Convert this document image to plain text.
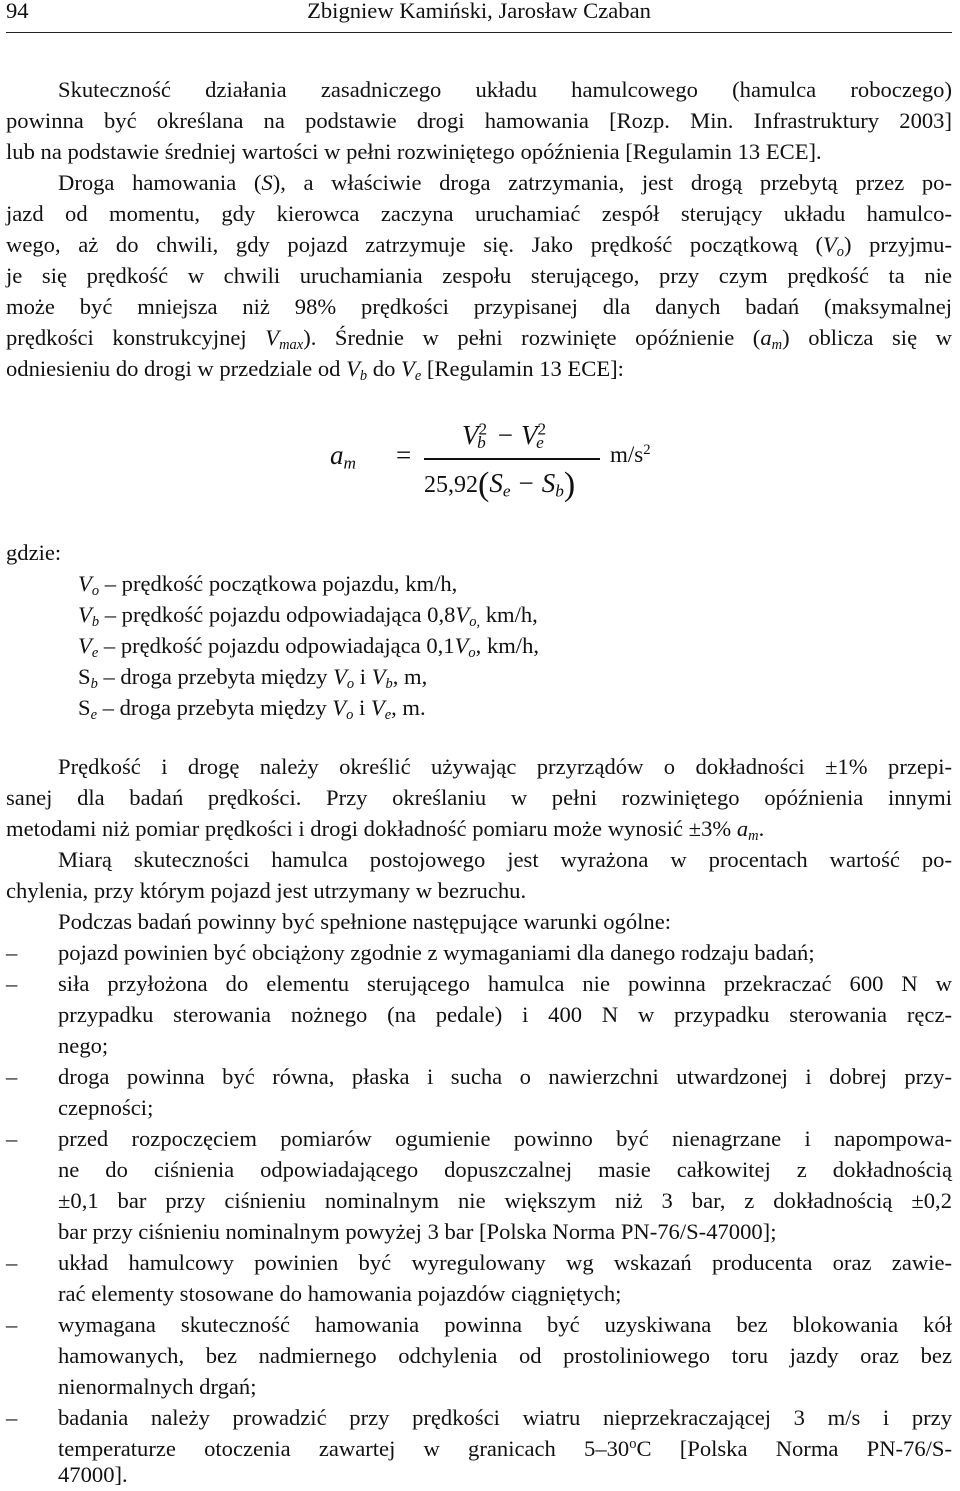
94	Zbigniew Kamiński, Jarosław Czaban
Skuteczność działania zasadniczego układu hamulcowego (hamulca roboczego)
powinna być określana na podstawie drogi hamowania [Rozp. Min. Infrastruktury 2003]
lub na podstawie średniej wartości w pełni rozwiniętego opóźnienia [Regulamin 13 ECE].
Droga hamowania (S), a właściwie droga zatrzymania, jest drogą przebytą przez po-
jazd od momentu, gdy kierowca zaczyna uruchamiać zespół sterujący układu hamulco-
wego, aż do chwili, gdy pojazd zatrzymuje się. Jako prędkość początkową $(V_o)$ przyjmu-
je się prędkość w chwili uruchamiania zespołu sterującego, przy czym prędkość ta nie
może być mniejsza niż 98% prędkości przypisanej dla danych badań (maksymalnej
prędkości konstrukcyjnej $V_{max}$). Średnie w pełni rozwinięte opóźnienie $(a_m)$ oblicza się w
odniesieniu do drogi w przedziale od $V_b$ do $V_e$ [Regulamin 13 ECE]:
$a_m$ =
$V^2_b - V^2_e$
$25,92(S_e - S_b)$
$m/s^2$
gdzie:
$V_o$ – prędkość początkowa pojazdu, km/h,
$V_b$ – prędkość pojazdu odpowiadająca $0,8V_{o,}$ km/h,
$V_e$ – prędkość pojazdu odpowiadająca $0,1V_o$, km/h,
$S_b$ – droga przebyta między $V_o$ i $V_b$, m,
$S_e$ – droga przebyta między $V_o$ i $V_e$, m.
Prędkość i drogę należy określić używając przyrządów o dokładności ±1% przepi-
sanej dla badań prędkości. Przy określaniu w pełni rozwiniętego opóźnienia innymi
metodami niż pomiar prędkości i drogi dokładność pomiaru może wynosić ±3% $a_m$.
Miarą skuteczności hamulca postojowego jest wyrażona w procentach wartość po-
chylenia, przy którym pojazd jest utrzymany w bezruchu.
Podczas badań powinny być spełnione następujące warunki ogólne:
–	pojazd powinien być obciążony zgodnie z wymaganiami dla danego rodzaju badań;
–	siła przyłożona do elementu sterującego hamulca nie powinna przekraczać 600 N w
przypadku sterowania nożnego (na pedale) i 400 N w przypadku sterowania ręcz-
nego;
–	droga powinna być równa, płaska i sucha o nawierzchni utwardzonej i dobrej przy-
czepności;
–	przed rozpoczęciem pomiarów ogumienie powinno być nienagrzane i napompowa-
ne do ciśnienia odpowiadającego dopuszczalnej masie całkowitej z dokładnością
±0,1 bar przy ciśnieniu nominalnym nie większym niż 3 bar, z dokładnością ±0,2
bar przy ciśnieniu nominalnym powyżej 3 bar [Polska Norma PN-76/S-47000];
–	układ hamulcowy powinien być wyregulowany wg wskazań producenta oraz zawie-
rać elementy stosowane do hamowania pojazdów ciągniętych;
–	wymagana skuteczność hamowania powinna być uzyskiwana bez blokowania kół
hamowanych, bez nadmiernego odchylenia od prostoliniowego toru jazdy oraz bez
nienormalnych drgań;
–	badania należy prowadzić przy prędkości wiatru nieprzekraczającej 3 m/s i przy
temperaturze otoczenia zawartej w granicach 5–30$^o$C [Polska Norma PN-76/S-
47000].
